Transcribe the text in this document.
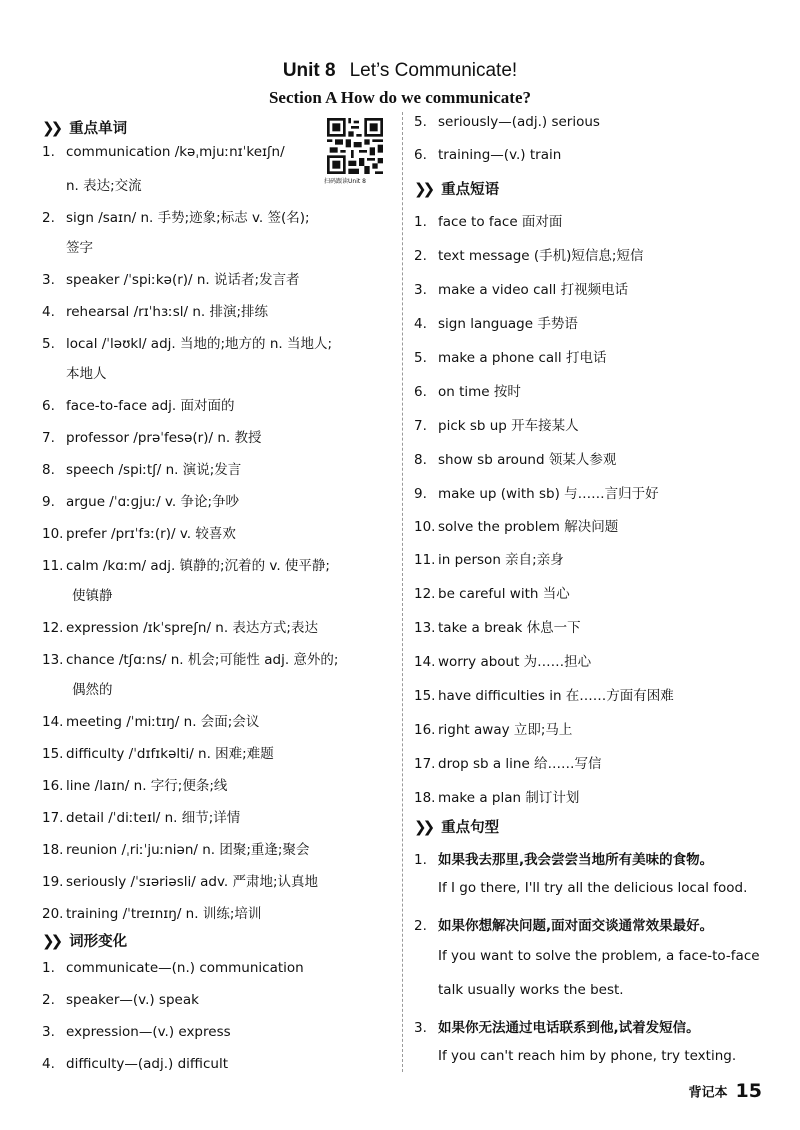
Unit 8 Let’s Communicate!
Section A How do we communicate?
❯❯ 重点单词
1. communication /kəˌmjuːnɪˈkeɪʃn/
n. 表达;交流
2. sign /saɪn/ n. 手势;迹象;标志 v. 签(名);
签字
3. speaker /ˈspiːkə(r)/ n. 说话者;发言者
4. rehearsal /rɪˈhɜːsl/ n. 排演;排练
5. local /ˈləʊkl/ adj. 当地的;地方的 n. 当地人;
本地人
6. face-to-face adj. 面对面的
7. professor /prəˈfesə(r)/ n. 教授
8. speech /spiːtʃ/ n. 演说;发言
9. argue /ˈɑːɡjuː/ v. 争论;争吵
10. prefer /prɪˈfɜː(r)/ v. 较喜欢
11. calm /kɑːm/ adj. 镇静的;沉着的 v. 使平静;
使镇静
12. expression /ɪkˈspreʃn/ n. 表达方式;表达
13. chance /tʃɑːns/ n. 机会;可能性 adj. 意外的;
偶然的
14. meeting /ˈmiːtɪŋ/ n. 会面;会议
15. difficulty /ˈdɪfɪkəlti/ n. 困难;难题
16. line /laɪn/ n. 字行;便条;线
17. detail /ˈdiːteɪl/ n. 细节;详情
18. reunion /ˌriːˈjuːniən/ n. 团聚;重逢;聚会
19. seriously /ˈsɪəriəsli/ adv. 严肃地;认真地
20. training /ˈtreɪnɪŋ/ n. 训练;培训
❯❯ 词形变化
1. communicate—(n.) communication
2. speaker—(v.) speak
3. expression—(v.) express
4. difficulty—(adj.) difficult
扫码跟读Unit 8
5. seriously—(adj.) serious
6. training—(v.) train
❯❯ 重点短语
1. face to face 面对面
2. text message (手机)短信息;短信
3. make a video call 打视频电话
4. sign language 手势语
5. make a phone call 打电话
6. on time 按时
7. pick sb up 开车接某人
8. show sb around 领某人参观
9. make up (with sb) 与……言归于好
10. solve the problem 解决问题
11. in person 亲自;亲身
12. be careful with 当心
13. take a break 休息一下
14. worry about 为……担心
15. have difficulties in 在……方面有困难
16. right away 立即;马上
17. drop sb a line 给……写信
18. make a plan 制订计划
❯❯ 重点句型
1. 如果我去那里,我会尝尝当地所有美味的食物。
If I go there, I'll try all the delicious local food.
2. 如果你想解决问题,面对面交谈通常效果最好。
If you want to solve the problem, a face-to-face
talk usually works the best.
3. 如果你无法通过电话联系到他,试着发短信。
If you can't reach him by phone, try texting.
背记本 15
